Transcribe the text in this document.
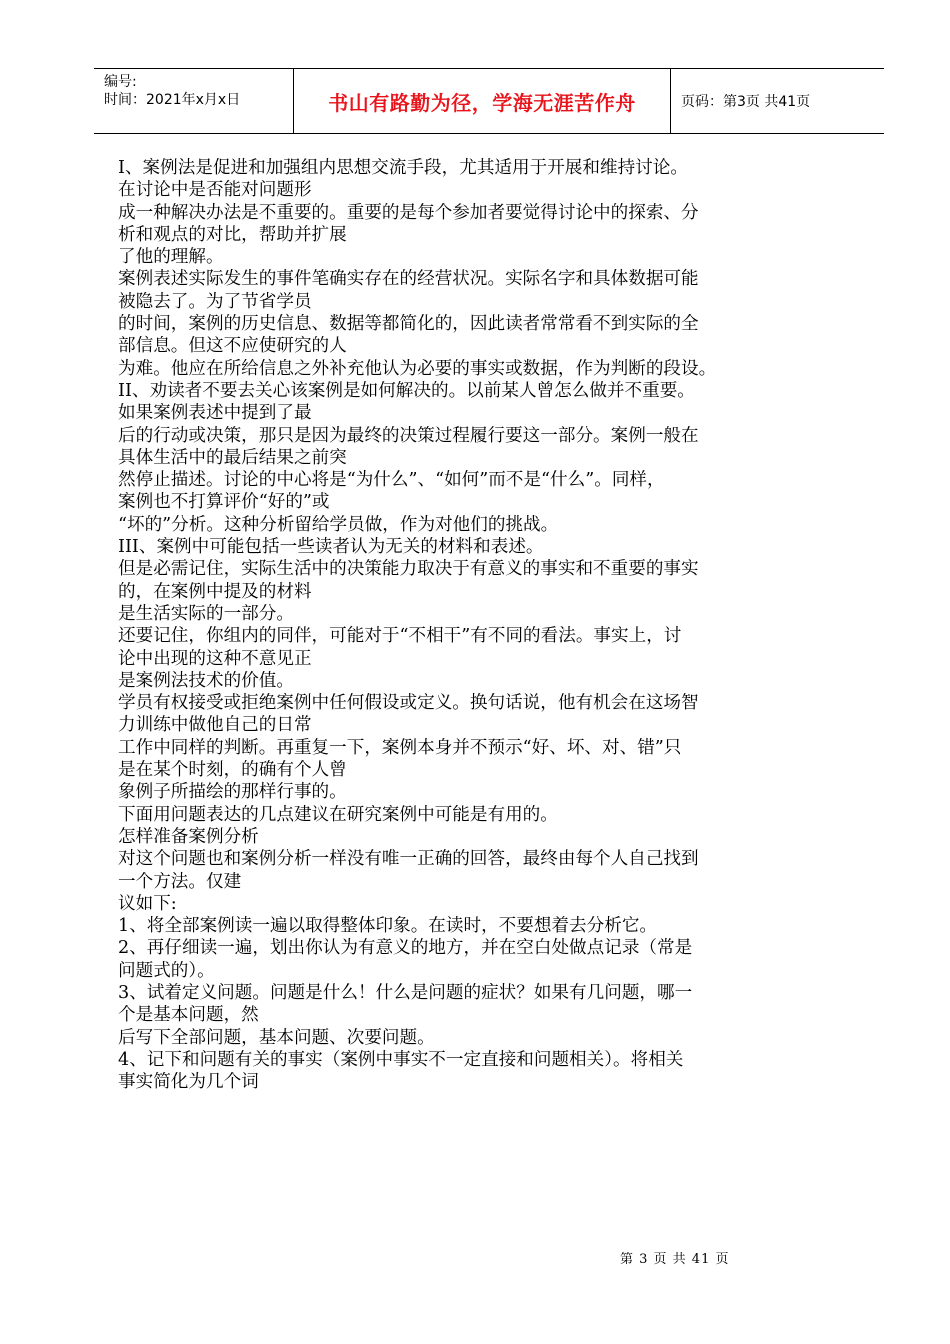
编号:
时间：2021年x月x日	书山有路勤为径，学海无涯苦作舟	页码：第3页 共41页

I、案例法是促进和加强组内思想交流手段，尤其适用于开展和维持讨论。

在讨论中是否能对问题形

成一种解决办法是不重要的。重要的是每个参加者要觉得讨论中的探索、分

析和观点的对比，帮助并扩展

了他的理解。

案例表述实际发生的事件笔确实存在的经营状况。实际名字和具体数据可能

被隐去了。为了节省学员

的时间，案例的历史信息、数据等都简化的，因此读者常常看不到实际的全

部信息。但这不应使研究的人

为难。他应在所给信息之外补充他认为必要的事实或数据，作为判断的段设。

II、劝读者不要去关心该案例是如何解决的。以前某人曾怎么做并不重要。

如果案例表述中提到了最

后的行动或决策，那只是因为最终的决策过程履行要这一部分。案例一般在

具体生活中的最后结果之前突

然停止描述。讨论的中心将是“为什么”、“如何”而不是“什么”。同样，

案例也不打算评价“好的”或

“坏的”分析。这种分析留给学员做，作为对他们的挑战。

III、案例中可能包括一些读者认为无关的材料和表述。

但是必需记住，实际生活中的决策能力取决于有意义的事实和不重要的事实

的，在案例中提及的材料

是生活实际的一部分。

还要记住，你组内的同伴，可能对于“不相干”有不同的看法。事实上，讨

论中出现的这种不意见正

是案例法技术的价值。

学员有权接受或拒绝案例中任何假设或定义。换句话说，他有机会在这场智

力训练中做他自己的日常

工作中同样的判断。再重复一下，案例本身并不预示“好、坏、对、错”只

是在某个时刻，的确有个人曾

象例子所描绘的那样行事的。

下面用问题表达的几点建议在研究案例中可能是有用的。

怎样准备案例分析

对这个问题也和案例分析一样没有唯一正确的回答，最终由每个人自己找到

一个方法。仅建

议如下:

1、将全部案例读一遍以取得整体印象。在读时，不要想着去分析它。

2、再仔细读一遍，划出你认为有意义的地方，并在空白处做点记录（常是

问题式的）。

3、试着定义问题。问题是什么！什么是问题的症状？如果有几问题，哪一

个是基本问题，然

后写下全部问题，基本问题、次要问题。

4、记下和问题有关的事实（案例中事实不一定直接和问题相关）。将相关

事实简化为几个词

第 3 页 共 41 页
